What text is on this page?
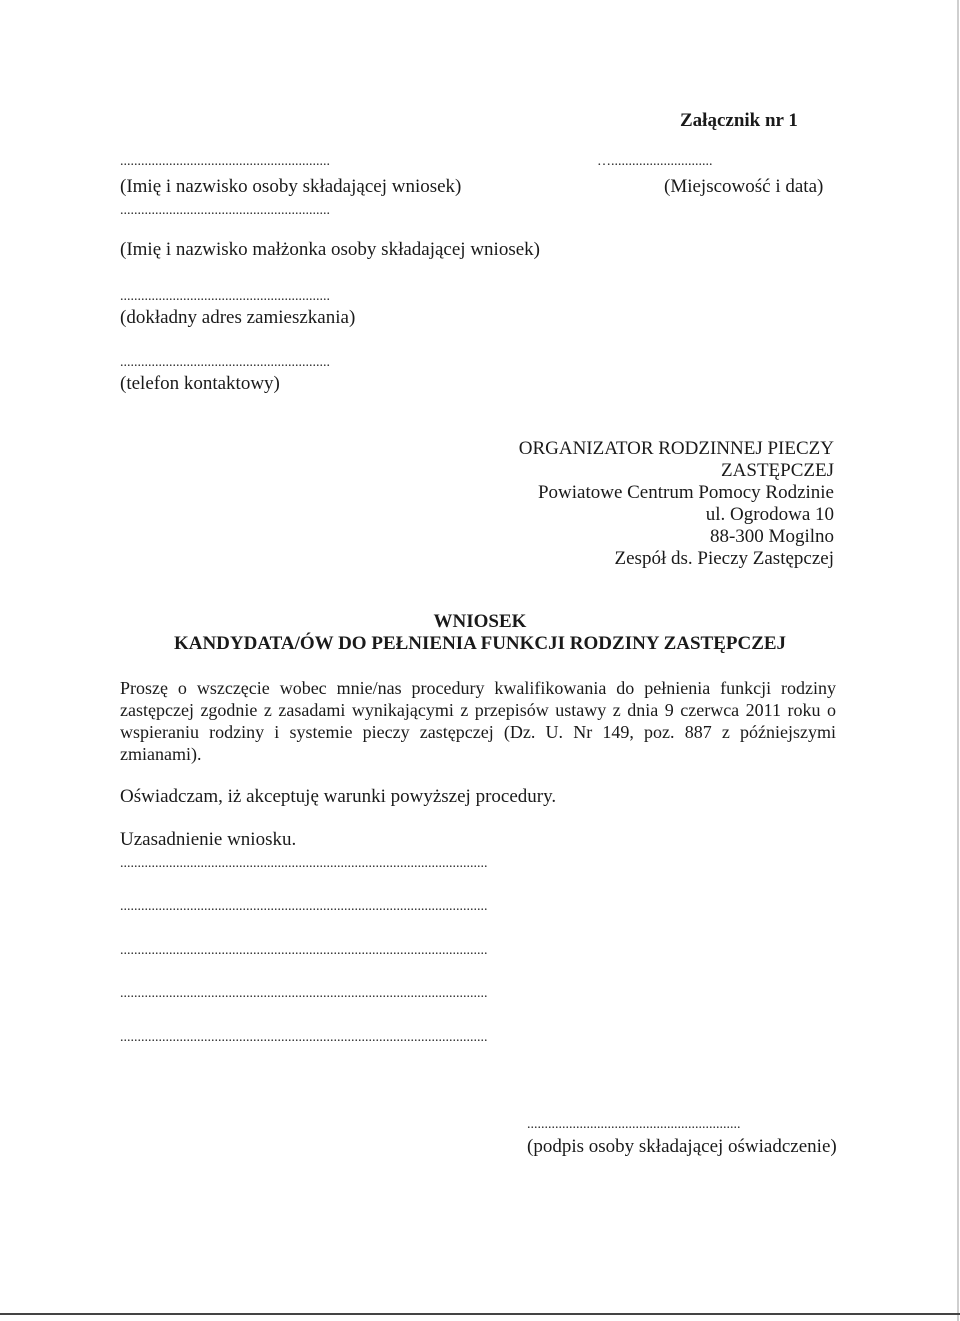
Załącznik nr 1
............................................................
(Imię i nazwisko osoby składającej wniosek)
….............................
(Miejscowość i data)
............................................................
(Imię i nazwisko małżonka osoby składającej wniosek)
............................................................
(dokładny adres zamieszkania)
............................................................
(telefon kontaktowy)
ORGANIZATOR RODZINNEJ PIECZY
ZASTĘPCZEJ
Powiatowe Centrum Pomocy Rodzinie
ul. Ogrodowa 10
88-300 Mogilno
Zespół ds. Pieczy Zastępczej
WNIOSEK
KANDYDATA/ÓW DO PEŁNIENIA FUNKCJI RODZINY ZASTĘPCZEJ
Proszę o wszczęcie wobec mnie/nas procedury kwalifikowania do pełnienia funkcji rodziny zastępczej zgodnie z zasadami wynikającymi z przepisów ustawy z dnia 9 czerwca 2011 roku o wspieraniu rodziny i systemie pieczy zastępczej (Dz. U. Nr 149, poz. 887 z późniejszymi zmianami).
Oświadczam, iż akceptuję warunki powyższej procedury.
Uzasadnienie wniosku.
.........................................................................................................
.........................................................................................................
.........................................................................................................
.........................................................................................................
.........................................................................................................
.............................................................
(podpis osoby składającej oświadczenie)
